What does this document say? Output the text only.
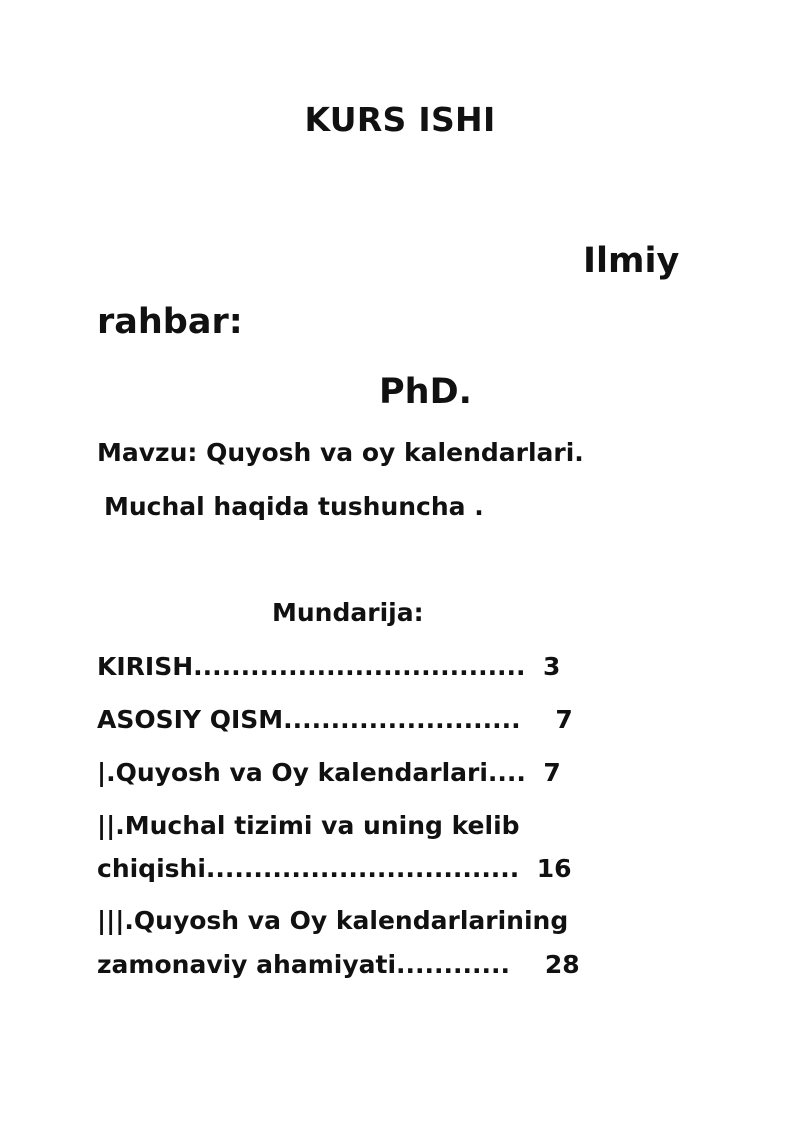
KURS ISHI
Ilmiy
rahbar:
PhD.
Mavzu: Quyosh va oy kalendarlari.
Muchal haqida tushuncha .
Mundarija:
KIRISH................................... 3
ASOSIY QISM......................... 7
|.Quyosh va Oy kalendarlari.... 7
||.Muchal tizimi va uning kelib
chiqishi................................. 16
|||.Quyosh va Oy kalendarlarining
zamonaviy ahamiyati............ 28
